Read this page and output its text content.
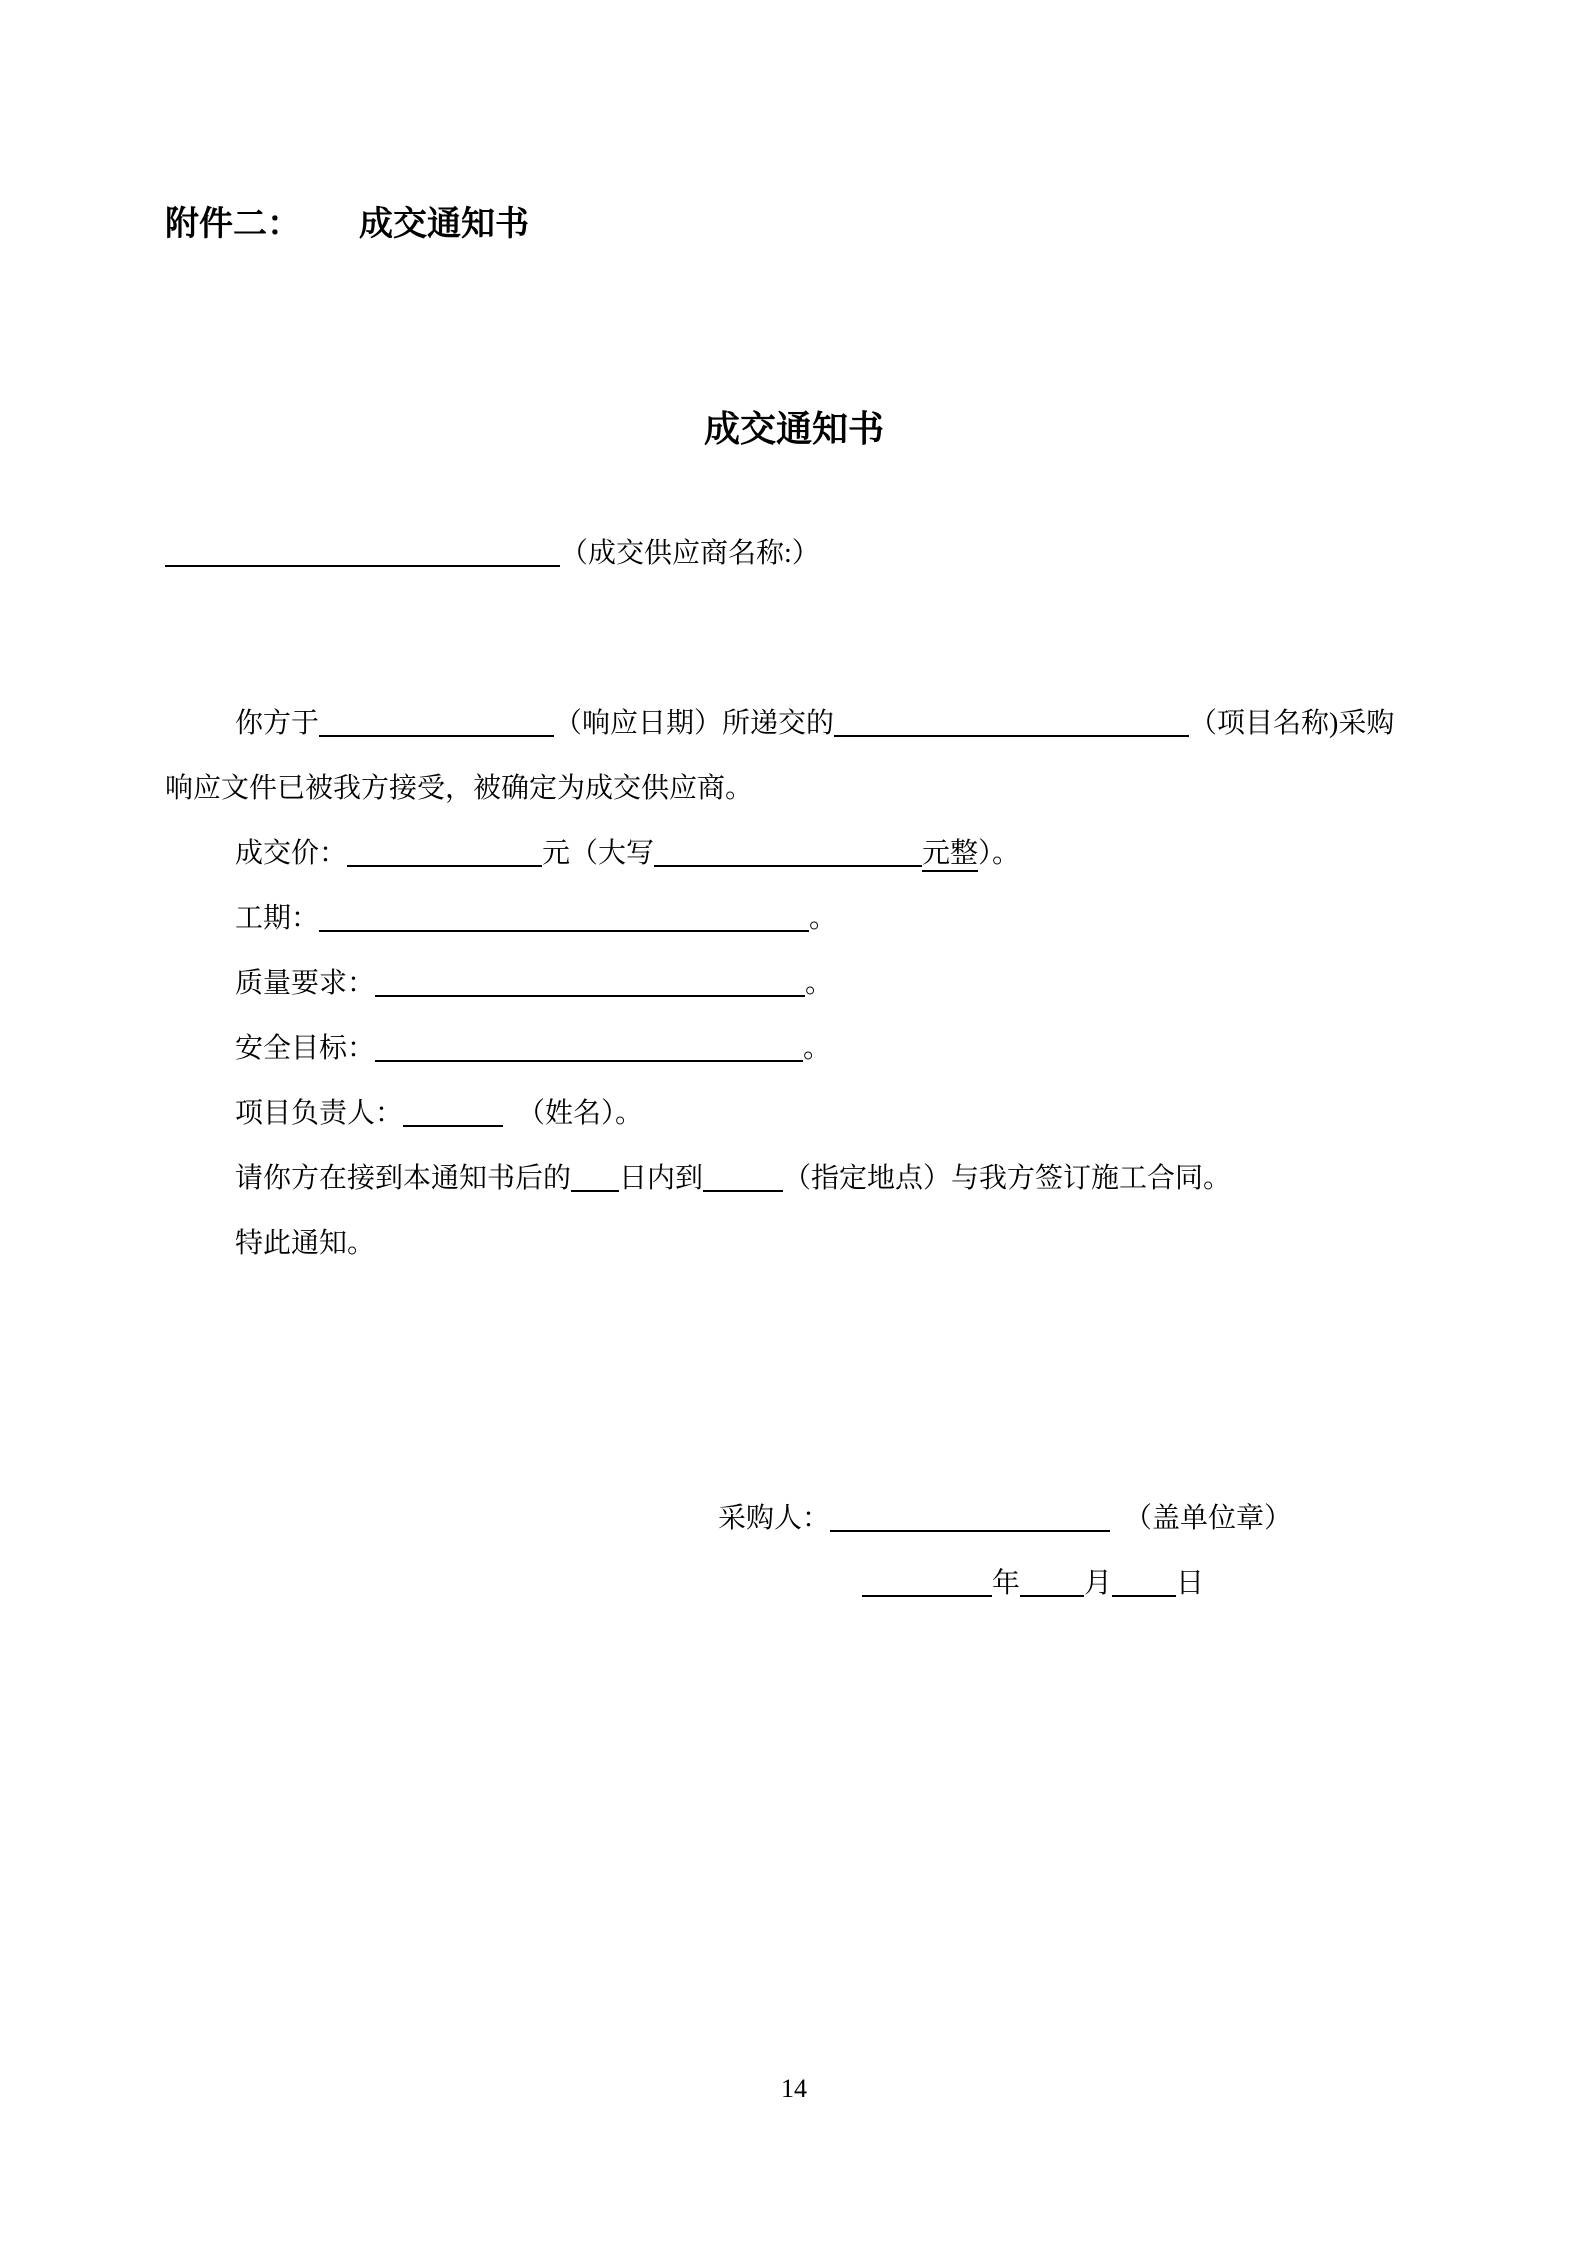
附件二： 成交通知书
成交通知书
（成交供应商名称:）
你方于	（响应日期）所递交的	（项目名称)采购
响应文件已被我方接受，被确定为成交供应商。
成交价：	元（大写	元整）。
工期：	。
质量要求：	。
安全目标：	。
项目负责人：	（姓名）。
请你方在接到本通知书后的 日内到	（指定地点）与我方签订施工合同。
特此通知。
采购人：	（盖单位章）
年 月 日
14
